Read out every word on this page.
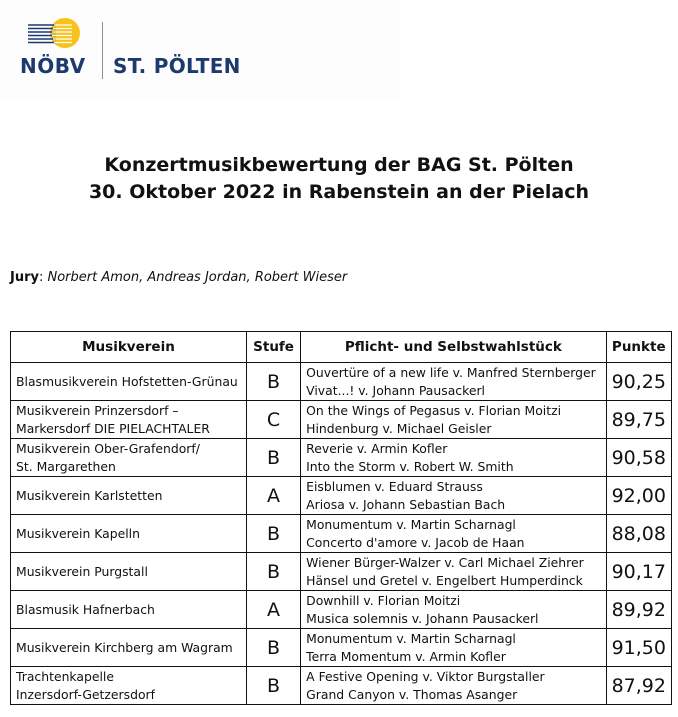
NÖBV ST. PÖLTEN
Konzertmusikbewertung der BAG St. Pölten
30. Oktober 2022 in Rabenstein an der Pielach
Jury: Norbert Amon, Andreas Jordan, Robert Wieser
Musikverein	Stufe	Pflicht- und Selbstwahlstück	Punkte

Blasmusikverein Hofstetten-Grünau	B	Ouvertüre of a new life v. Manfred Sternberger
Vivat...! v. Johann Pausackerl	90,25

Musikverein Prinzersdorf –
Markersdorf DIE PIELACHTALER	C	On the Wings of Pegasus v. Florian Moitzi
Hindenburg v. Michael Geisler	89,75

Musikverein Ober-Grafendorf/
St. Margarethen	B	Reverie v. Armin Kofler
Into the Storm v. Robert W. Smith	90,58

Musikverein Karlstetten	A	Eisblumen v. Eduard Strauss
Ariosa v. Johann Sebastian Bach	92,00

Musikverein Kapelln	B	Monumentum v. Martin Scharnagl
Concerto d'amore v. Jacob de Haan	88,08

Musikverein Purgstall	B	Wiener Bürger-Walzer v. Carl Michael Ziehrer
Hänsel und Gretel v. Engelbert Humperdinck	90,17

Blasmusik Hafnerbach	A	Downhill v. Florian Moitzi
Musica solemnis v. Johann Pausackerl	89,92

Musikverein Kirchberg am Wagram	B	Monumentum v. Martin Scharnagl
Terra Momentum v. Armin Kofler	91,50

Trachtenkapelle
Inzersdorf-Getzersdorf	B	A Festive Opening v. Viktor Burgstaller
Grand Canyon v. Thomas Asanger	87,92
